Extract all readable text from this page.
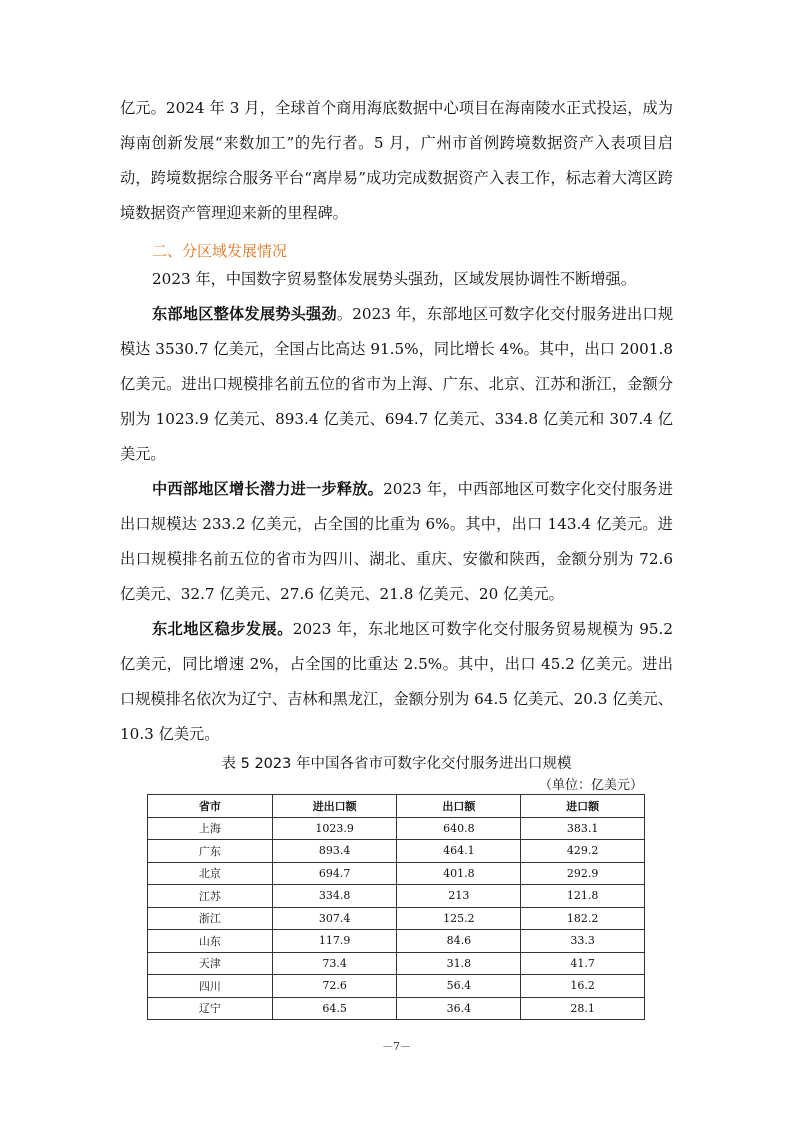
亿元。2024 年 3 月，全球首个商用海底数据中心项目在海南陵水正式投运，成为海南创新发展“来数加工”的先行者。5 月，广州市首例跨境数据资产入表项目启动，跨境数据综合服务平台“离岸易”成功完成数据资产入表工作，标志着大湾区跨境数据资产管理迎来新的里程碑。

二、分区域发展情况

2023 年，中国数字贸易整体发展势头强劲，区域发展协调性不断增强。

东部地区整体发展势头强劲。2023 年，东部地区可数字化交付服务进出口规模达 3530.7 亿美元，全国占比高达 91.5%，同比增长 4%。其中，出口 2001.8 亿美元。进出口规模排名前五位的省市为上海、广东、北京、江苏和浙江，金额分别为 1023.9 亿美元、893.4 亿美元、694.7 亿美元、334.8 亿美元和 307.4 亿美元。

中西部地区增长潜力进一步释放。2023 年，中西部地区可数字化交付服务进出口规模达 233.2 亿美元，占全国的比重为 6%。其中，出口 143.4 亿美元。进出口规模排名前五位的省市为四川、湖北、重庆、安徽和陕西，金额分别为 72.6 亿美元、32.7 亿美元、27.6 亿美元、21.8 亿美元、20 亿美元。

东北地区稳步发展。2023 年，东北地区可数字化交付服务贸易规模为 95.2 亿美元，同比增速 2%，占全国的比重达 2.5%。其中，出口 45.2 亿美元。进出口规模排名依次为辽宁、吉林和黑龙江，金额分别为 64.5 亿美元、20.3 亿美元、10.3 亿美元。

表 5 2023 年中国各省市可数字化交付服务进出口规模
（单位：亿美元）
省市	进出口额	出口额	进口额
上海	1023.9	640.8	383.1
广东	893.4	464.1	429.2
北京	694.7	401.8	292.9
江苏	334.8	213	121.8
浙江	307.4	125.2	182.2
山东	117.9	84.6	33.3
天津	73.4	31.8	41.7
四川	72.6	56.4	16.2
辽宁	64.5	36.4	28.1
－7－
